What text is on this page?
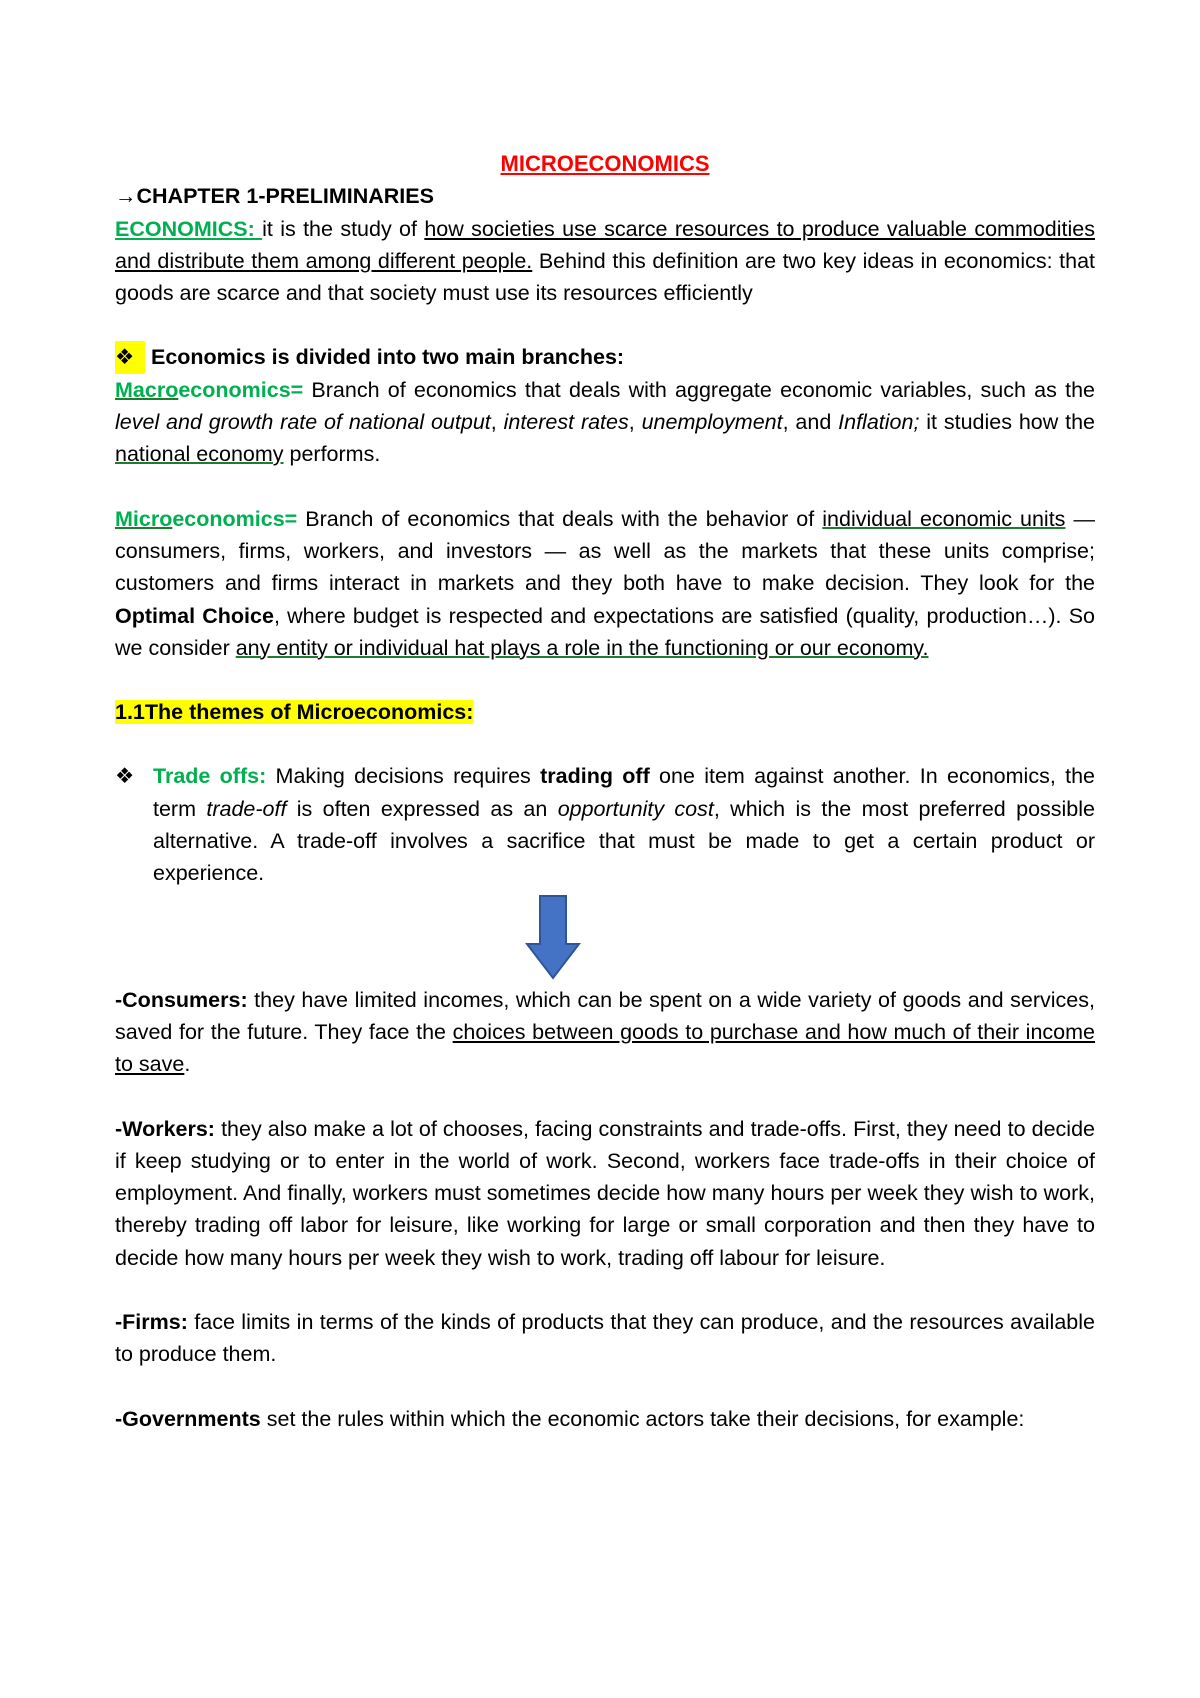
MICROECONOMICS

→CHAPTER 1-PRELIMINARIES

ECONOMICS: it is the study of how societies use scarce resources to produce valuable commodities and distribute them among different people. Behind this definition are two key ideas in economics: that goods are scarce and that society must use its resources efficiently

❖ Economics is divided into two main branches:

Macroeconomics= Branch of economics that deals with aggregate economic variables, such as the level and growth rate of national output, interest rates, unemployment, and Inflation; it studies how the national economy performs.

Microeconomics= Branch of economics that deals with the behavior of individual economic units — consumers, firms, workers, and investors — as well as the markets that these units comprise; customers and firms interact in markets and they both have to make decision. They look for the Optimal Choice, where budget is respected and expectations are satisfied (quality, production…). So we consider any entity or individual hat plays a role in the functioning or our economy.

1.1The themes of Microeconomics:

❖ Trade offs: Making decisions requires trading off one item against another. In economics, the term trade-off is often expressed as an opportunity cost, which is the most preferred possible alternative. A trade-off involves a sacrifice that must be made to get a certain product or experience.

-Consumers: they have limited incomes, which can be spent on a wide variety of goods and services, saved for the future. They face the choices between goods to purchase and how much of their income to save.

-Workers: they also make a lot of chooses, facing constraints and trade-offs. First, they need to decide if keep studying or to enter in the world of work. Second, workers face trade-offs in their choice of employment. And finally, workers must sometimes decide how many hours per week they wish to work, thereby trading off labor for leisure, like working for large or small corporation and then they have to decide how many hours per week they wish to work, trading off labour for leisure.

-Firms: face limits in terms of the kinds of products that they can produce, and the resources available to produce them.

-Governments set the rules within which the economic actors take their decisions, for example:
